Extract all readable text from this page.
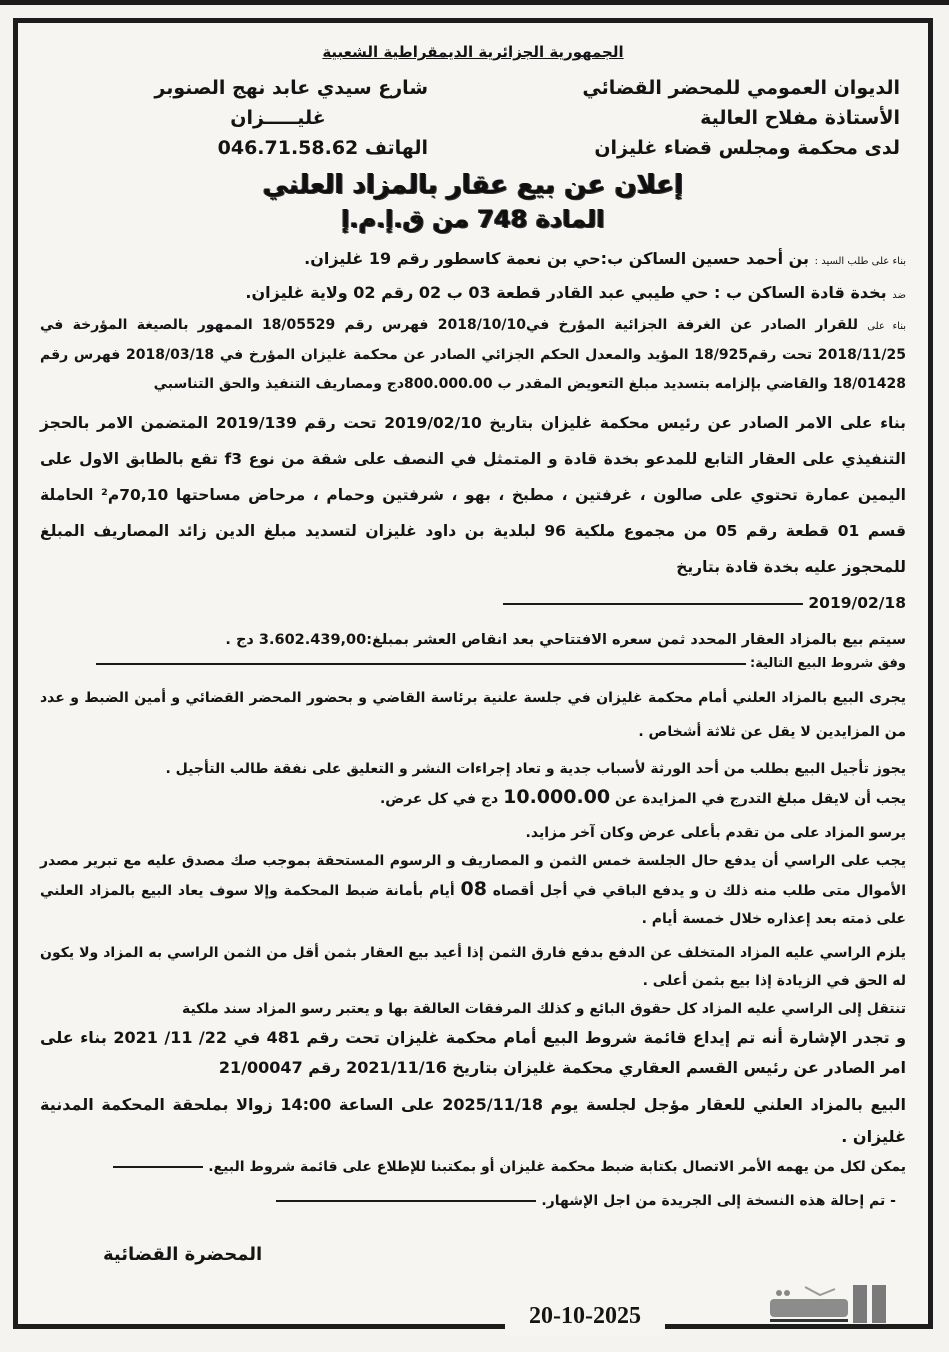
الجمهورية الجزائرية الديمقراطية الشعبية
الديوان العمومي للمحضر القضائي
الأستاذة مفلاح العالية
لدى محكمة ومجلس قضاء غليزان
شارع سيدي عابد نهج الصنوبر
غليـــــزان
الهاتف 046.71.58.62
إعلان عن بيع عقار بالمزاد العلني
المادة 748 من ق.إ.م.إ

بناء على طلب السيد : بن أحمد حسين الساكن ب:حي بن نعمة كاسطور رقم 19 غليزان.

ضد بخدة قادة الساكن ب : حي طيبي عبد القادر قطعة 03 ب 02 رقم 02 ولاية غليزان.

بناء على للقرار الصادر عن الغرفة الجزائية المؤرخ في2018/10/10 فهرس رقم 18/05529 الممهور بالصيغة المؤرخة في 2018/11/25 تحت رقم18/925 المؤيد والمعدل الحكم الجزائي الصادر عن محكمة غليزان المؤرخ في 2018/03/18 فهرس رقم 18/01428 والقاضي بإلزامه بتسديد مبلغ التعويض المقدر ب 800.000.00دج ومصاريف التنفيذ والحق التناسبي

بناء على الامر الصادر عن رئيس محكمة غليزان بتاريخ 2019/02/10 تحت رقم 2019/139 المتضمن الامر بالحجز التنفيذي على العقار التابع للمدعو بخدة قادة و المتمثل في النصف على شقة من نوع f3 تقع بالطابق الاول على اليمين عمارة تحتوي على صالون ، غرفتين ، مطبخ ، بهو ، شرفتين وحمام ، مرحاض مساحتها 70,10م² الحاملة قسم 01 قطعة رقم 05 من مجموع ملكية 96 لبلدية بن داود غليزان لتسديد مبلغ الدين زائد المصاريف المبلغ للمحجوز عليه بخدة قادة بتاريخ

2019/02/18

سيتم بيع بالمزاد العقار المحدد ثمن سعره الافتتاحي بعد انقاص العشر بمبلغ:3.602.439,00 دج .

وفق شروط البيع التالية:

يجرى البيع بالمزاد العلني أمام محكمة غليزان في جلسة علنية برئاسة القاضي و بحضور المحضر القضائي و أمين الضبط و عدد من المزايدين لا يقل عن ثلاثة أشخاص .

يجوز تأجيل البيع بطلب من أحد الورثة لأسباب جدية و تعاد إجراءات النشر و التعليق على نفقة طالب التأجيل .

يجب أن لايقل مبلغ التدرج في المزايدة عن 10.000.00 دج في كل عرض.

يرسو المزاد على من تقدم بأعلى عرض وكان آخر مزايد.

يجب على الراسي أن يدفع حال الجلسة خمس الثمن و المصاريف و الرسوم المستحقة بموجب صك مصدق عليه مع تبرير مصدر الأموال متى طلب منه ذلك ن و يدفع الباقي في أجل أقصاه 08 أيام بأمانة ضبط المحكمة وإلا سوف يعاد البيع بالمزاد العلني على ذمته بعد إعذاره خلال خمسة أيام .

يلزم الراسي عليه المزاد المتخلف عن الدفع بدفع فارق الثمن إذا أعيد بيع العقار بثمن أقل من الثمن الراسي به المزاد ولا يكون له الحق في الزيادة إذا بيع بثمن أعلى .

تنتقل إلى الراسي عليه المزاد كل حقوق البائع و كذلك المرفقات العالقة بها و يعتبر رسو المزاد سند ملكية

و تجدر الإشارة أنه تم إيداع قائمة شروط البيع أمام محكمة غليزان تحت رقم 481 في 22/ 11/ 2021 بناء على امر الصادر عن رئيس القسم العقاري محكمة غليزان بتاريخ 2021/11/16 رقم 21/00047

البيع بالمزاد العلني للعقار مؤجل لجلسة يوم 2025/11/18 على الساعة 14:00 زوالا بملحقة المحكمة المدنية غليزان .

يمكن لكل من يهمه الأمر الاتصال بكتابة ضبط محكمة غليزان أو بمكتبنا للإطلاع على قائمة شروط البيع.

- تم إحالة هذه النسخة إلى الجريدة من اجل الإشهار.

المحضرة القضائية
20-10-2025
